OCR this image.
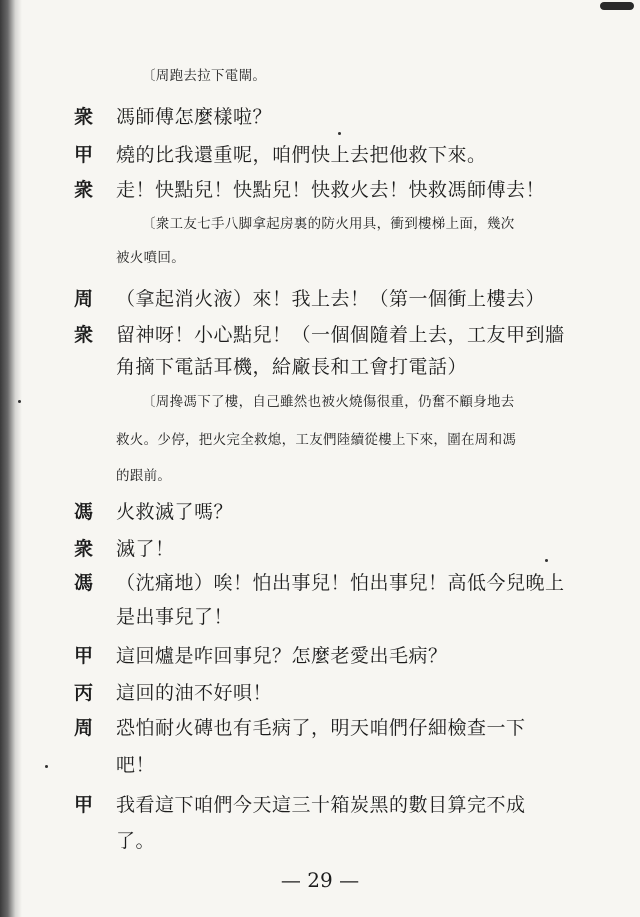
〔周跑去拉下電閘。
衆 馮師傅怎麼樣啦？
甲 燒的比我還重呢，咱們快上去把他救下來。
衆 走！快點兒！快點兒！快救火去！快救馮師傅去！
〔衆工友七手八脚拿起房裏的防火用具，衝到樓梯上面，幾次
被火噴回。
周 （拿起消火液）來！我上去！（第一個衝上樓去）
衆 留神呀！小心點兒！（一個個隨着上去，工友甲到牆
角摘下電話耳機，給廠長和工會打電話）
〔周搀馮下了樓，自己雖然也被火燒傷很重，仍奮不顧身地去
救火。少停，把火完全救熄，工友們陸續從樓上下來，圍在周和馮
的跟前。
馮 火救滅了嗎？
衆 滅了！
馮 （沈痛地）唉！怕出事兒！怕出事兒！高低今兒晚上
是出事兒了！
甲 這回爐是咋回事兒？怎麼老愛出毛病？
丙 這回的油不好唄！
周 恐怕耐火磚也有毛病了，明天咱們仔細檢查一下
吧！
甲 我看這下咱們今天這三十箱炭黑的數目算完不成
了。
— 29 —
